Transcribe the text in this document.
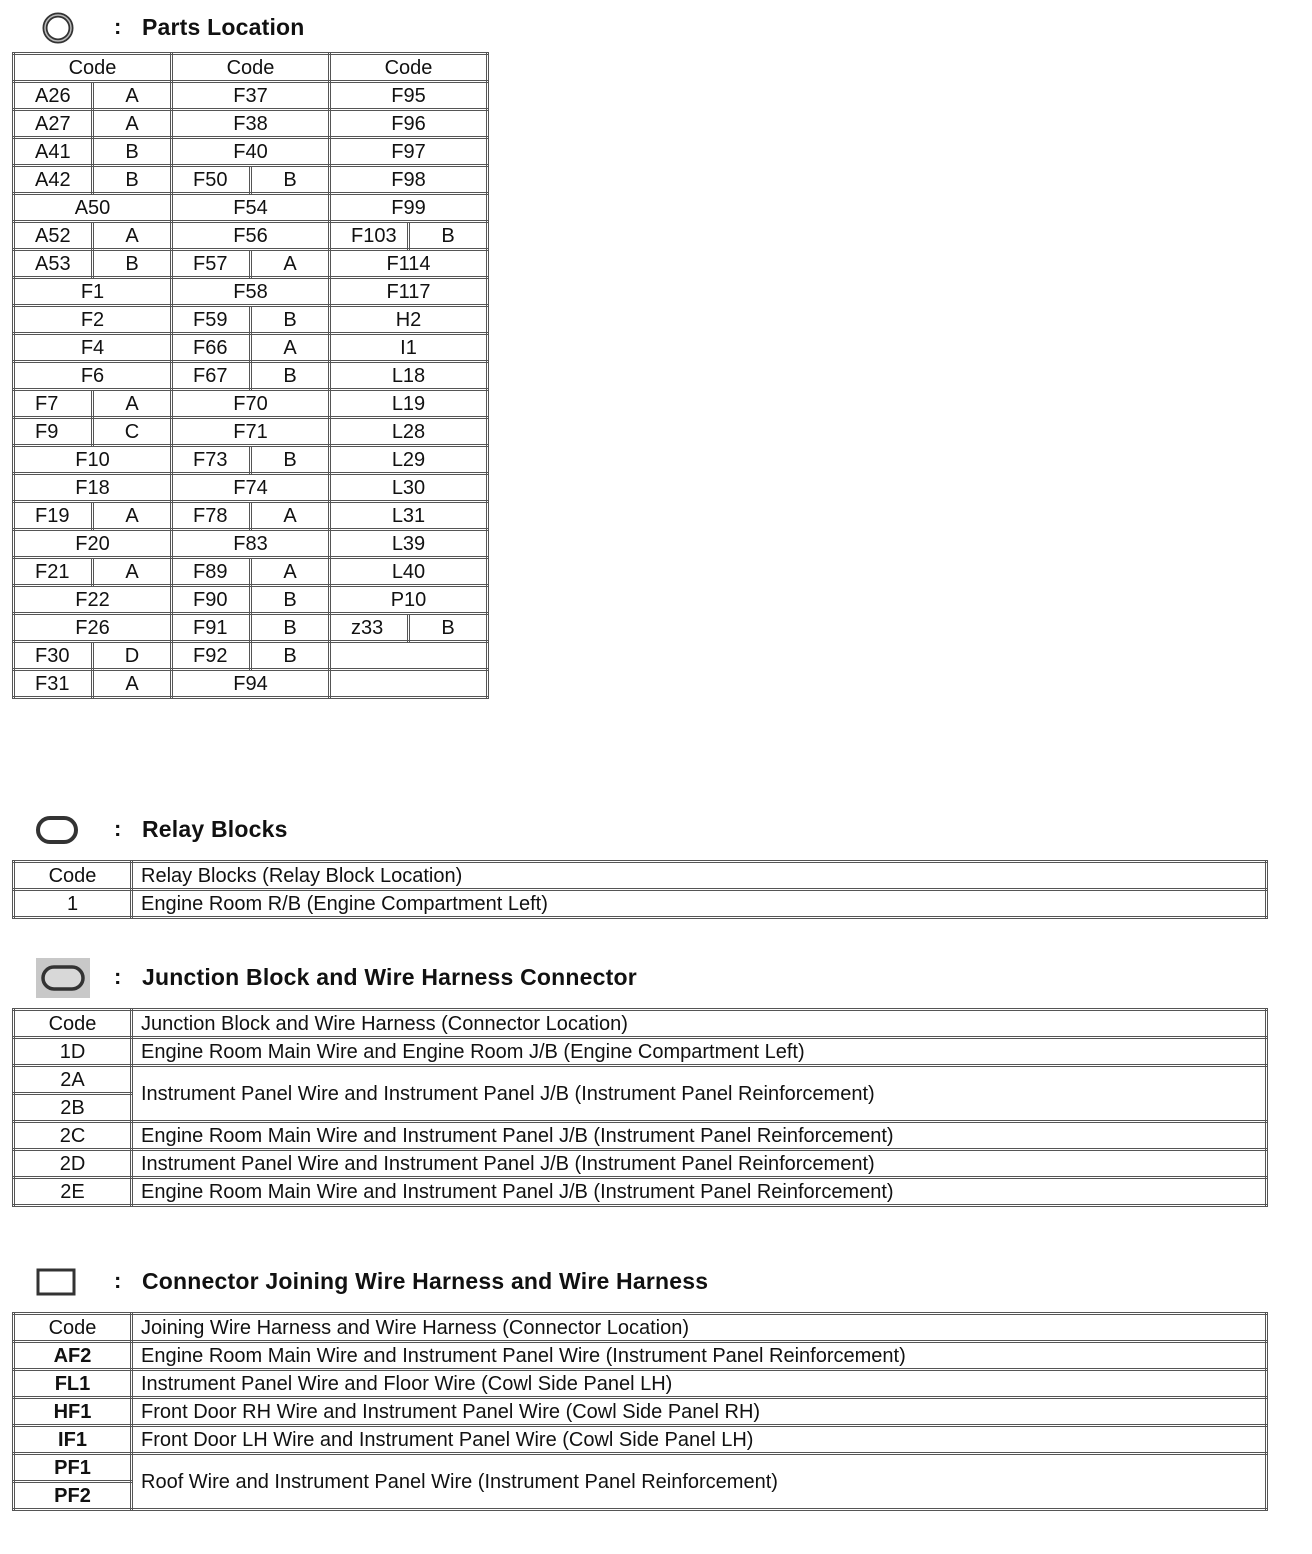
: Parts Location
Code		Code		Code	
A26	A	F37		F95	
A27	A	F38		F96	
A41	B	F40		F97	
A42	B	F50	B	F98	
A50		F54		F99	
A52	A	F56		F103	B
A53	B	F57	A	F114	
F1		F58		F117	
F2		F59	B	H2	
F4		F66	A	I1	
F6		F67	B	L18	
F7	A	F70		L19	
F9	C	F71		L28	
F10		F73	B	L29	
F18		F74		L30	
F19	A	F78	A	L31	
F20		F83		L39	
F21	A	F89	A	L40	
F22		F90	B	P10	
F26		F91	B	z33	B
F30	D	F92	B		
F31	A	F94			
: Relay Blocks
Code	Relay Blocks (Relay Block Location)
1	Engine Room R/B (Engine Compartment Left)
: Junction Block and Wire Harness Connector
Code	Junction Block and Wire Harness (Connector Location)
1D	Engine Room Main Wire and Engine Room J/B (Engine Compartment Left)
2A	Instrument Panel Wire and Instrument Panel J/B (Instrument Panel Reinforcement)
2B	
2C	Engine Room Main Wire and Instrument Panel J/B (Instrument Panel Reinforcement)
2D	Instrument Panel Wire and Instrument Panel J/B (Instrument Panel Reinforcement)
2E	Engine Room Main Wire and Instrument Panel J/B (Instrument Panel Reinforcement)
: Connector Joining Wire Harness and Wire Harness
Code	Joining Wire Harness and Wire Harness (Connector Location)
AF2	Engine Room Main Wire and Instrument Panel Wire (Instrument Panel Reinforcement)
FL1	Instrument Panel Wire and Floor Wire (Cowl Side Panel LH)
HF1	Front Door RH Wire and Instrument Panel Wire (Cowl Side Panel RH)
IF1	Front Door LH Wire and Instrument Panel Wire (Cowl Side Panel LH)
PF1	Roof Wire and Instrument Panel Wire (Instrument Panel Reinforcement)
PF2	
